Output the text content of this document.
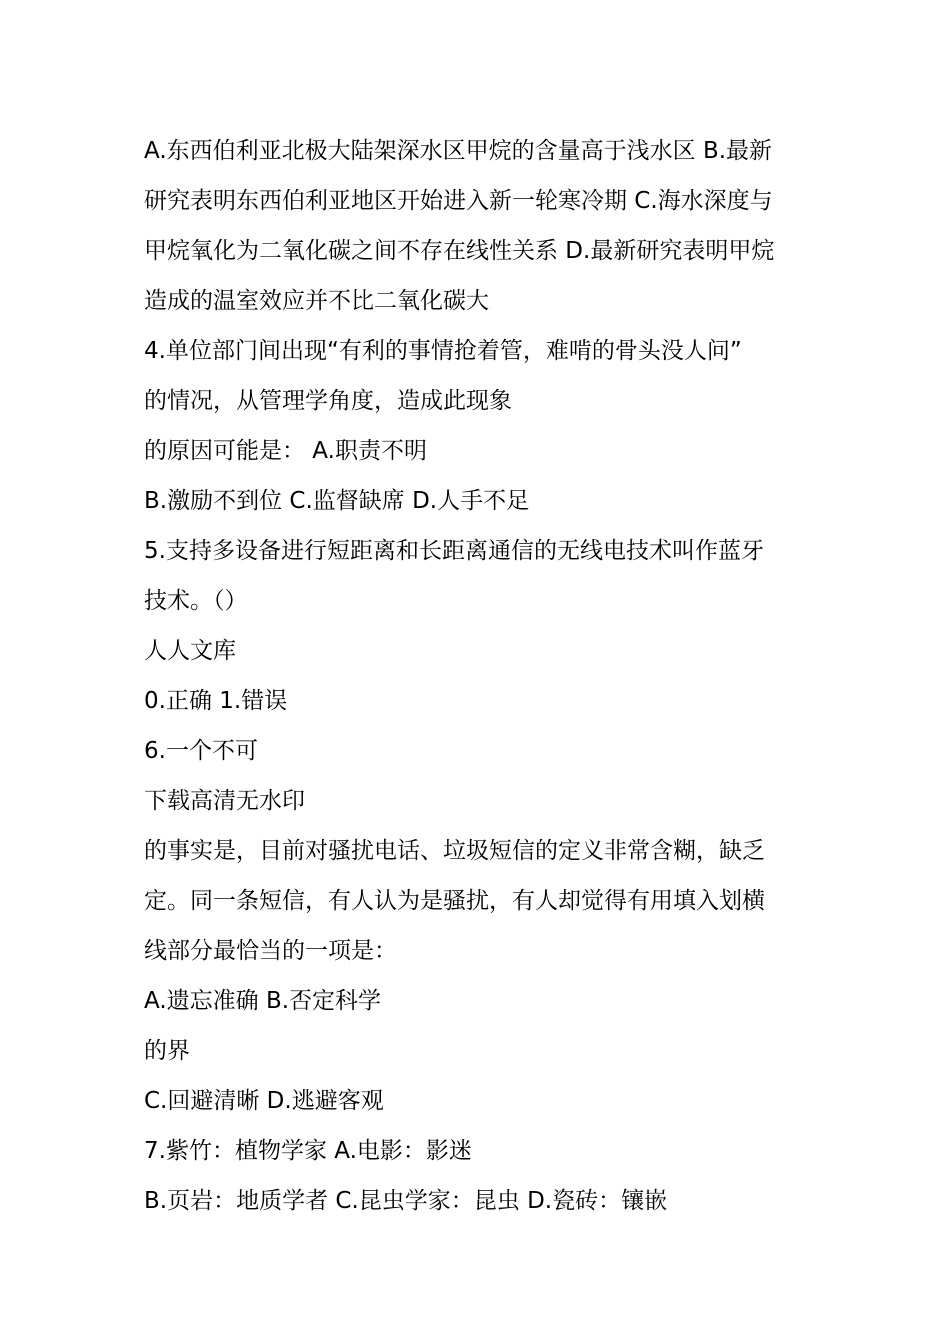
A.东西伯利亚北极大陆架深水区甲烷的含量高于浅水区 B.最新

研究表明东西伯利亚地区开始进入新一轮寒冷期 C.海水深度与

甲烷氧化为二氧化碳之间不存在线性关系 D.最新研究表明甲烷

造成的温室效应并不比二氧化碳大

4.单位部门间出现“有利的事情抢着管，难啃的骨头没人问”

的情况，从管理学角度，造成此现象

的原因可能是： A.职责不明

B.激励不到位 C.监督缺席 D.人手不足

5.支持多设备进行短距离和长距离通信的无线电技术叫作蓝牙

技术。（）

人人文库

0.正确 1.错误

6.一个不可

下载高清无水印

的事实是，目前对骚扰电话、垃圾短信的定义非常含糊，缺乏

定。同一条短信，有人认为是骚扰，有人却觉得有用填入划横

线部分最恰当的一项是：

A.遗忘准确 B.否定科学

的界

C.回避清晰 D.逃避客观

7.紫竹：植物学家 A.电影：影迷

B.页岩：地质学者 C.昆虫学家：昆虫 D.瓷砖：镶嵌
